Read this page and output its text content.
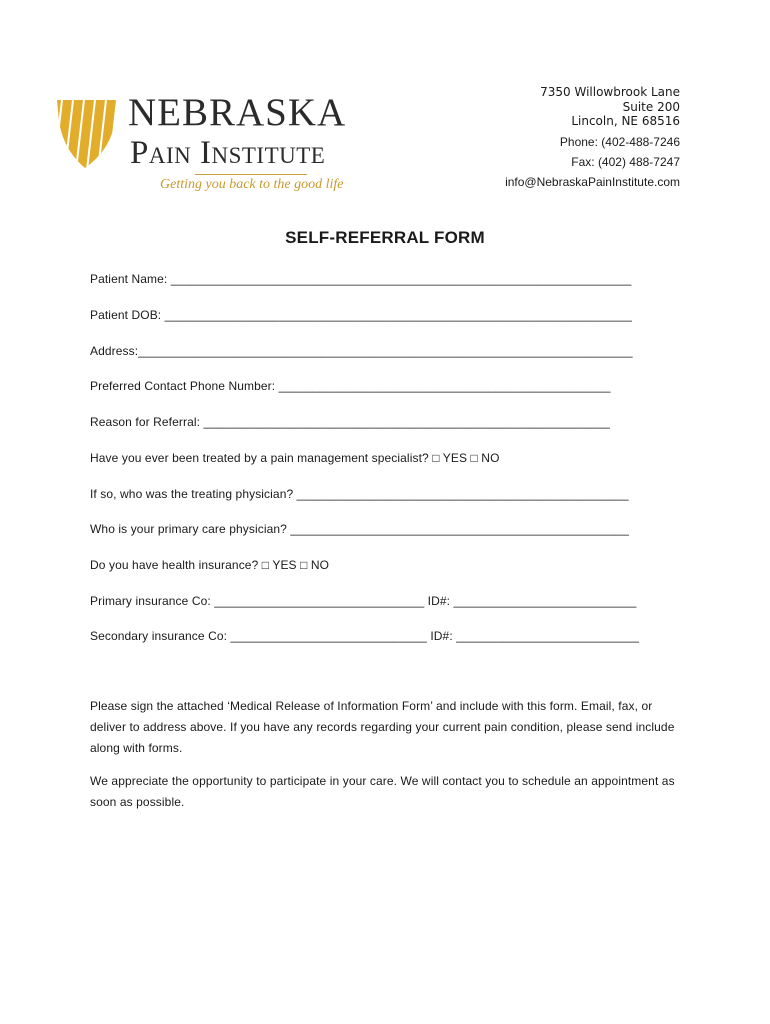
NEBRASKA
Pain Institute
Getting you back to the good life
7350 Willowbrook Lane
Suite 200
Lincoln, NE 68516
Phone: (402-488-7246
Fax: (402) 488-7247
info@NebraskaPainInstitute.com
SELF-REFERRAL FORM
Patient Name: ____________________________________________________________________
Patient DOB: _____________________________________________________________________
Address:_________________________________________________________________________
Preferred Contact Phone Number: _________________________________________________
Reason for Referral: ____________________________________________________________
Have you ever been treated by a pain management specialist? □ YES □ NO
If so, who was the treating physician? _________________________________________________
Who is your primary care physician? __________________________________________________
Do you have health insurance? □ YES □ NO
Primary insurance Co: _______________________________ ID#: ___________________________
Secondary insurance Co: _____________________________ ID#: ___________________________
Please sign the attached ‘Medical Release of Information Form’ and include with this form. Email, fax, or deliver to address above. If you have any records regarding your current pain condition, please send include along with forms.
We appreciate the opportunity to participate in your care. We will contact you to schedule an appointment as soon as possible.
